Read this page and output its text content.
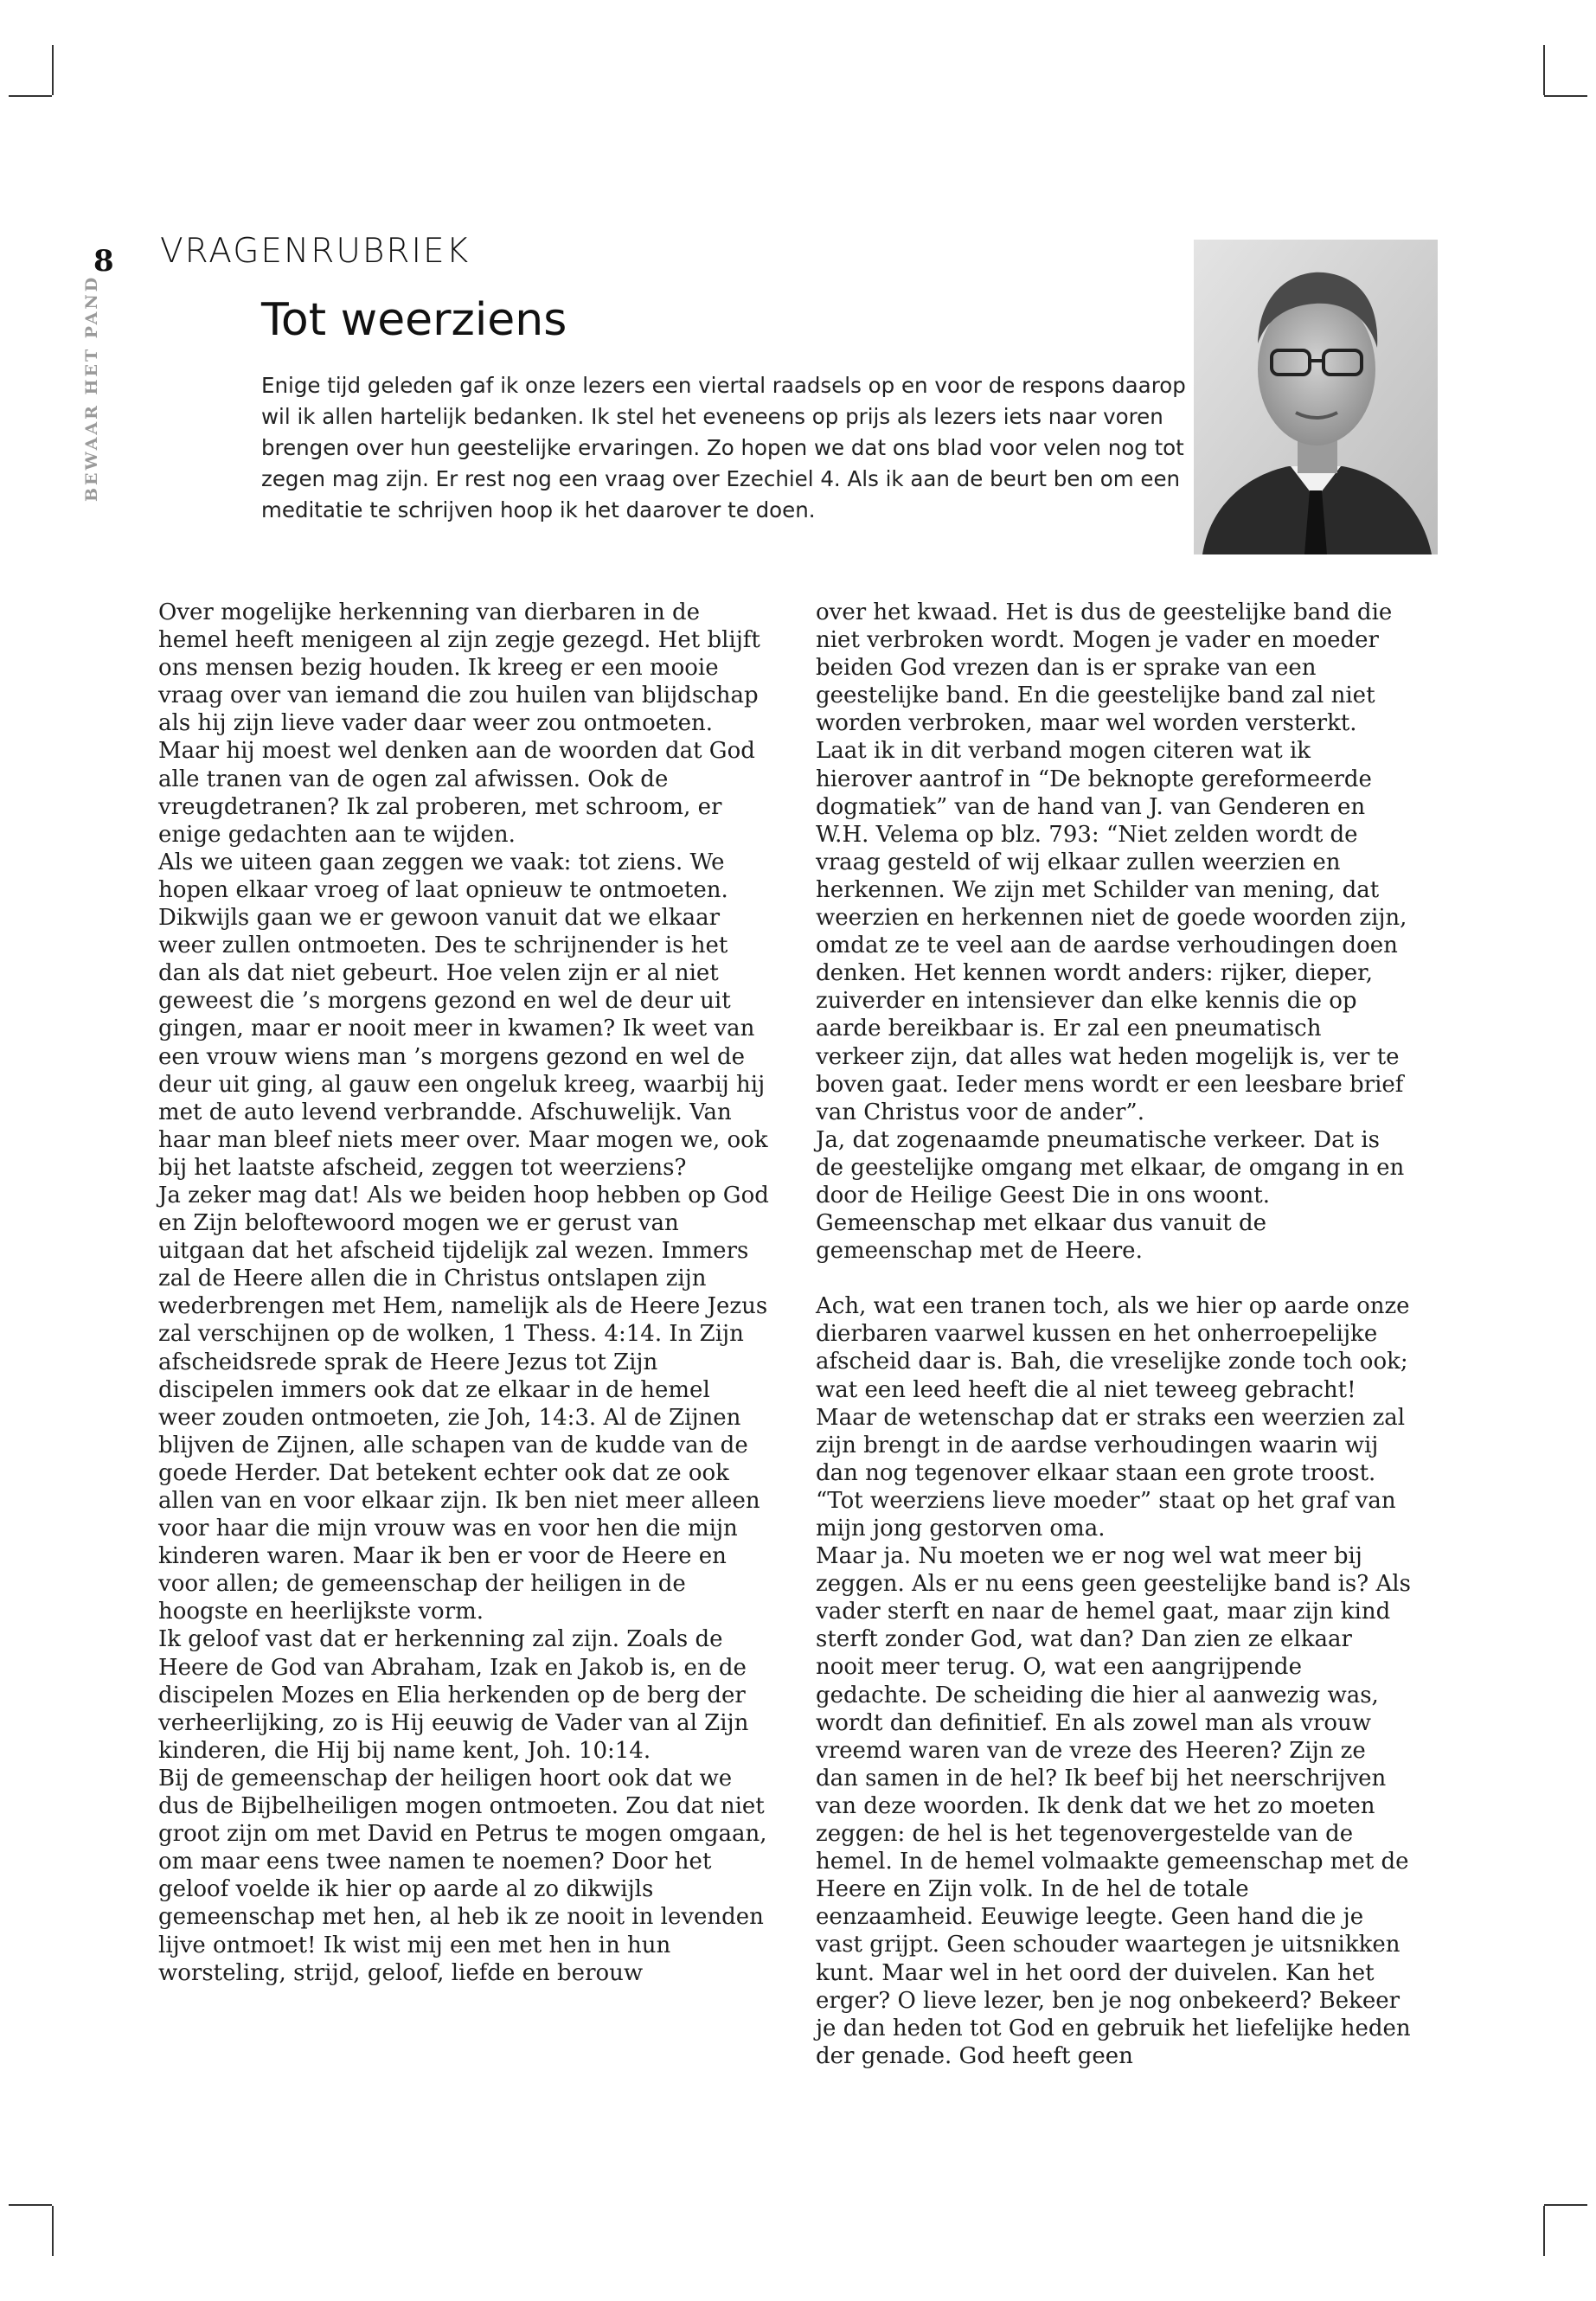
8
BEWAAR HET PAND
VRAGENRUBRIEK
Tot weerziens

Enige tijd geleden gaf ik onze lezers een viertal raadsels op en voor de respons daarop wil ik allen hartelijk bedanken. Ik stel het eveneens op prijs als lezers iets naar voren brengen over hun geestelijke ervaringen. Zo hopen we dat ons blad voor velen nog tot zegen mag zijn. Er rest nog een vraag over Ezechiel 4. Als ik aan de beurt ben om een meditatie te schrijven hoop ik het daarover te doen.

Over mogelijke herkenning van dierbaren in de hemel heeft menigeen al zijn zegje gezegd. Het blijft ons mensen bezig houden. Ik kreeg er een mooie vraag over van iemand die zou huilen van blijdschap als hij zijn lieve vader daar weer zou ontmoeten. Maar hij moest wel denken aan de woorden dat God alle tranen van de ogen zal afwissen. Ook de vreugdetranen? Ik zal proberen, met schroom, er enige gedachten aan te wijden.

Als we uiteen gaan zeggen we vaak: tot ziens. We hopen elkaar vroeg of laat opnieuw te ontmoeten. Dikwijls gaan we er gewoon vanuit dat we elkaar weer zullen ontmoeten. Des te schrijnender is het dan als dat niet gebeurt. Hoe velen zijn er al niet geweest die ’s morgens gezond en wel de deur uit gingen, maar er nooit meer in kwamen? Ik weet van een vrouw wiens man ’s morgens gezond en wel de deur uit ging, al gauw een ongeluk kreeg, waarbij hij met de auto levend verbrandde. Afschuwelijk. Van haar man bleef niets meer over. Maar mogen we, ook bij het laatste afscheid, zeggen tot weerziens?

Ja zeker mag dat! Als we beiden hoop hebben op God en Zijn beloftewoord mogen we er gerust van uitgaan dat het afscheid tijdelijk zal wezen. Immers zal de Heere allen die in Christus ontslapen zijn wederbrengen met Hem, namelijk als de Heere Jezus zal verschijnen op de wolken, 1 Thess. 4:14. In Zijn afscheidsrede sprak de Heere Jezus tot Zijn discipelen immers ook dat ze elkaar in de hemel weer zouden ontmoeten, zie Joh, 14:3. Al de Zijnen blijven de Zijnen, alle schapen van de kudde van de goede Herder. Dat betekent echter ook dat ze ook allen van en voor elkaar zijn. Ik ben niet meer alleen voor haar die mijn vrouw was en voor hen die mijn kinderen waren. Maar ik ben er voor de Heere en voor allen; de gemeenschap der heiligen in de hoogste en heerlijkste vorm.

Ik geloof vast dat er herkenning zal zijn. Zoals de Heere de God van Abraham, Izak en Jakob is, en de discipelen Mozes en Elia herkenden op de berg der verheerlijking, zo is Hij eeuwig de Vader van al Zijn kinderen, die Hij bij name kent, Joh. 10:14.

Bij de gemeenschap der heiligen hoort ook dat we dus de Bijbelheiligen mogen ontmoeten. Zou dat niet groot zijn om met David en Petrus te mogen omgaan, om maar eens twee namen te noemen? Door het geloof voelde ik hier op aarde al zo dikwijls gemeenschap met hen, al heb ik ze nooit in levenden lijve ontmoet! Ik wist mij een met hen in hun worsteling, strijd, geloof, liefde en berouw

over het kwaad. Het is dus de geestelijke band die niet verbroken wordt. Mogen je vader en moeder beiden God vrezen dan is er sprake van een geestelijke band. En die geestelijke band zal niet worden verbroken, maar wel worden versterkt.

Laat ik in dit verband mogen citeren wat ik hierover aantrof in “De beknopte gereformeerde dogmatiek” van de hand van J. van Genderen en W.H. Velema op blz. 793: “Niet zelden wordt de vraag gesteld of wij elkaar zullen weerzien en herkennen. We zijn met Schilder van mening, dat weerzien en herkennen niet de goede woorden zijn, omdat ze te veel aan de aardse verhoudingen doen denken. Het kennen wordt anders: rijker, dieper, zuiverder en intensiever dan elke kennis die op aarde bereikbaar is. Er zal een pneumatisch verkeer zijn, dat alles wat heden mogelijk is, ver te boven gaat. Ieder mens wordt er een leesbare brief van Christus voor de ander”.

Ja, dat zogenaamde pneumatische verkeer. Dat is de geestelijke omgang met elkaar, de omgang in en door de Heilige Geest Die in ons woont. Gemeenschap met elkaar dus vanuit de gemeenschap met de Heere.

Ach, wat een tranen toch, als we hier op aarde onze dierbaren vaarwel kussen en het onherroepelijke afscheid daar is. Bah, die vreselijke zonde toch ook; wat een leed heeft die al niet teweeg gebracht! Maar de wetenschap dat er straks een weerzien zal zijn brengt in de aardse verhoudingen waarin wij dan nog tegenover elkaar staan een grote troost. “Tot weerziens lieve moeder” staat op het graf van mijn jong gestorven oma.

Maar ja. Nu moeten we er nog wel wat meer bij zeggen. Als er nu eens geen geestelijke band is? Als vader sterft en naar de hemel gaat, maar zijn kind sterft zonder God, wat dan? Dan zien ze elkaar nooit meer terug. O, wat een aangrijpende gedachte. De scheiding die hier al aanwezig was, wordt dan definitief. En als zowel man als vrouw vreemd waren van de vreze des Heeren? Zijn ze dan samen in de hel? Ik beef bij het neerschrijven van deze woorden. Ik denk dat we het zo moeten zeggen: de hel is het tegenovergestelde van de hemel. In de hemel volmaakte gemeenschap met de Heere en Zijn volk. In de hel de totale eenzaamheid. Eeuwige leegte. Geen hand die je vast grijpt. Geen schouder waartegen je uitsnikken kunt. Maar wel in het oord der duivelen. Kan het erger? O lieve lezer, ben je nog onbekeerd? Bekeer je dan heden tot God en gebruik het liefelijke heden der genade. God heeft geen
